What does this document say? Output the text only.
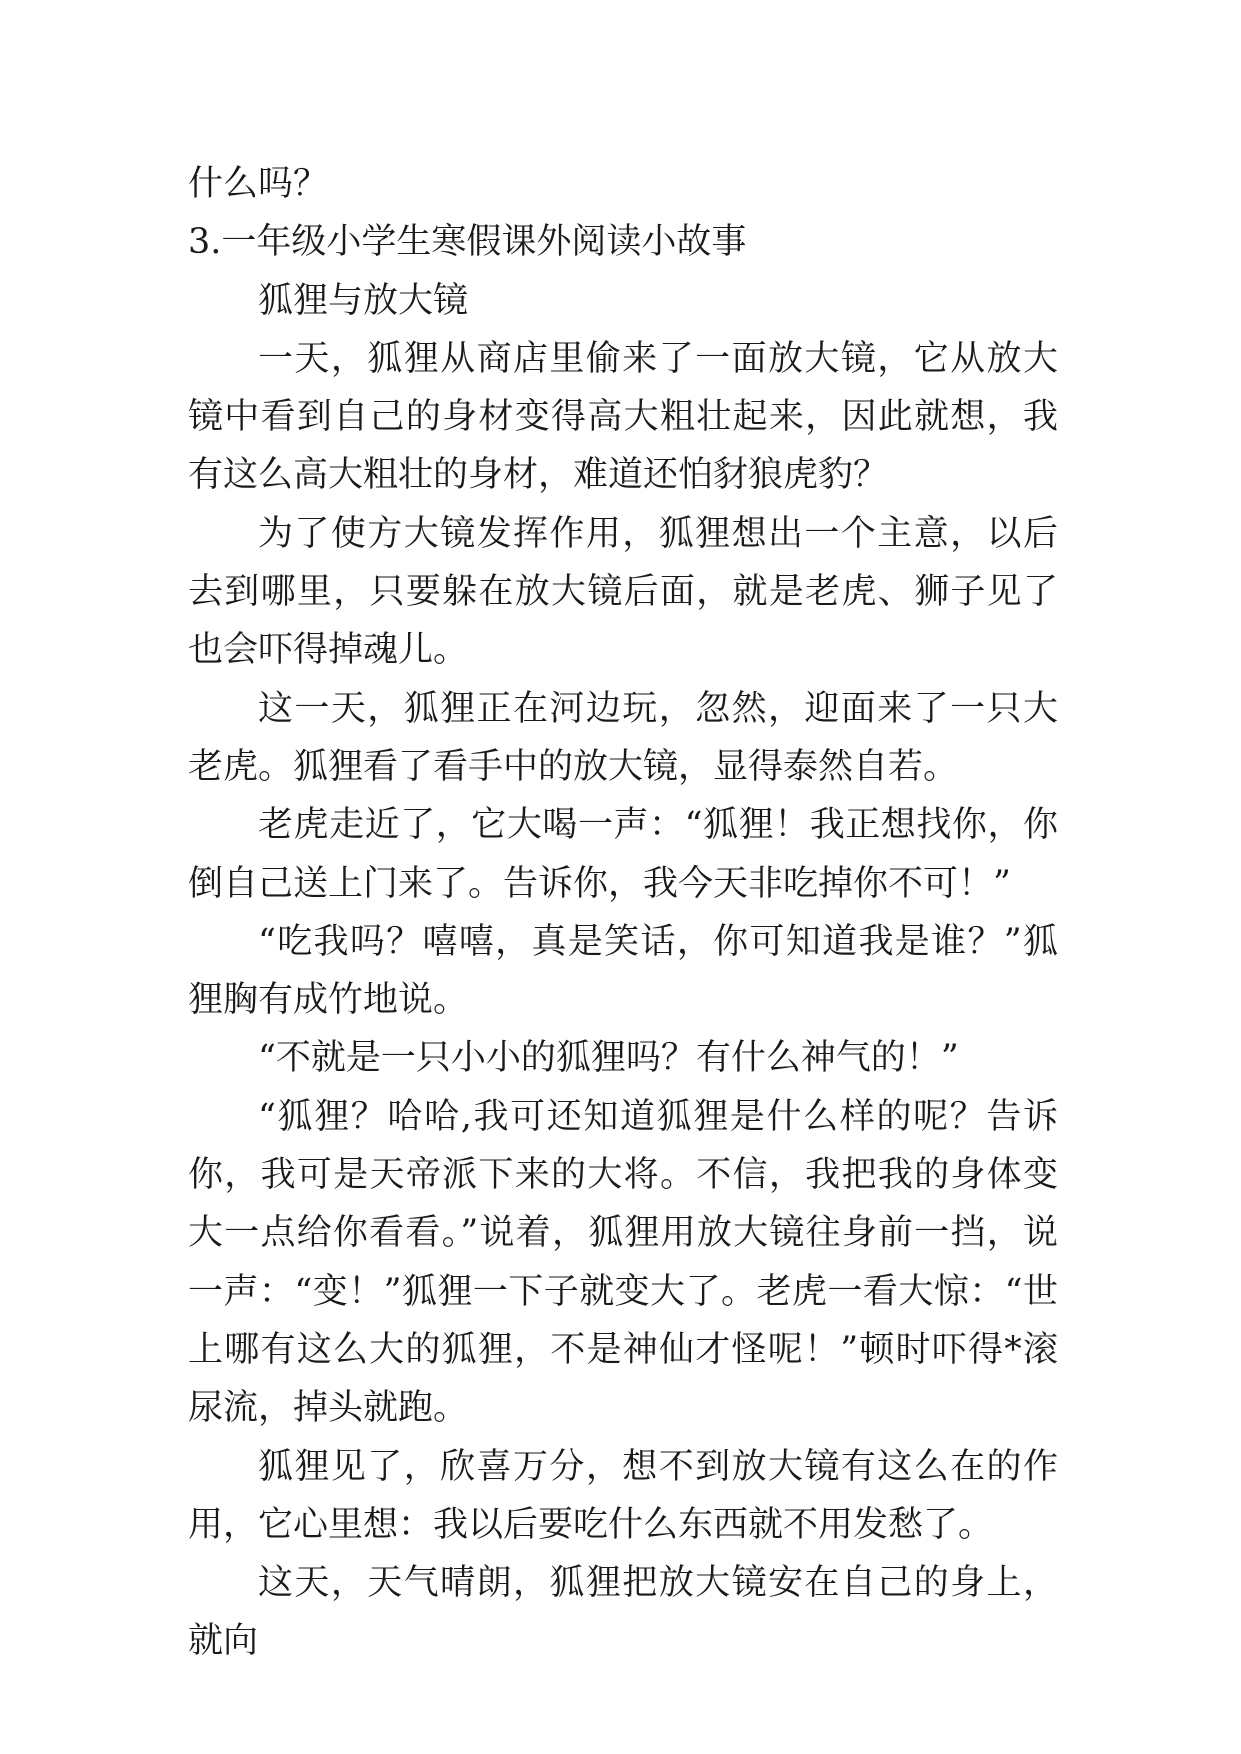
什么吗？

3.一年级小学生寒假课外阅读小故事

狐狸与放大镜

一天，狐狸从商店里偷来了一面放大镜，它从放大镜中看到自己的身材变得高大粗壮起来，因此就想，我有这么高大粗壮的身材，难道还怕豺狼虎豹？

为了使方大镜发挥作用，狐狸想出一个主意，以后去到哪里，只要躲在放大镜后面，就是老虎、狮子见了也会吓得掉魂儿。

这一天，狐狸正在河边玩，忽然，迎面来了一只大老虎。狐狸看了看手中的放大镜，显得泰然自若。

老虎走近了，它大喝一声：“狐狸！我正想找你，你倒自己送上门来了。告诉你，我今天非吃掉你不可！”

“吃我吗？嘻嘻，真是笑话，你可知道我是谁？”狐狸胸有成竹地说。

“不就是一只小小的狐狸吗？有什么神气的！”

“狐狸？哈哈,我可还知道狐狸是什么样的呢？告诉你，我可是天帝派下来的大将。不信，我把我的身体变大一点给你看看。”说着，狐狸用放大镜往身前一挡，说一声：“变！”狐狸一下子就变大了。老虎一看大惊：“世上哪有这么大的狐狸，不是神仙才怪呢！”顿时吓得*滚尿流，掉头就跑。

狐狸见了，欣喜万分，想不到放大镜有这么在的作用，它心里想：我以后要吃什么东西就不用发愁了。

这天，天气晴朗，狐狸把放大镜安在自己的身上，就向
